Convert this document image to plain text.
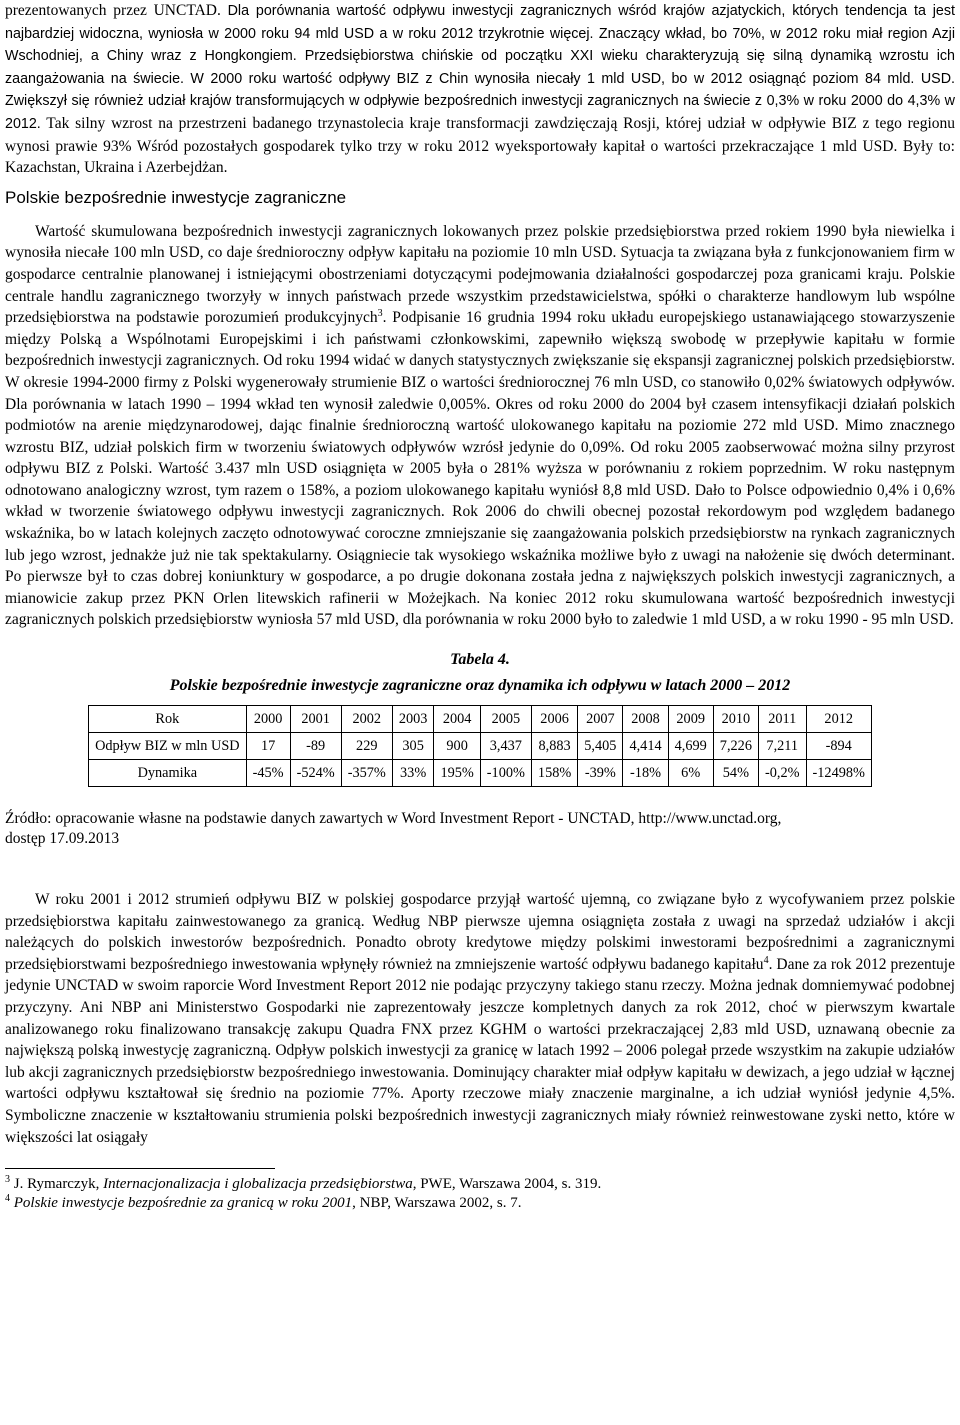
prezentowanych przez UNCTAD. Dla porównania wartość odpływu inwestycji zagranicznych wśród krajów azjatyckich, których tendencja ta jest najbardziej widoczna, wyniosła w 2000 roku 94 mld USD a w roku 2012 trzykrotnie więcej. Znaczący wkład, bo 70%, w 2012 roku miał region Azji Wschodniej, a Chiny wraz z Hongkongiem. Przedsiębiorstwa chińskie od początku XXI wieku charakteryzują się silną dynamiką wzrostu ich zaangażowania na świecie. W 2000 roku wartość odpływy BIZ z Chin wynosiła niecały 1 mld USD, bo w 2012 osiągnąć poziom 84 mld. USD. Zwiększył się również udział krajów transformujących w odpływie bezpośrednich inwestycji zagranicznych na świecie z 0,3% w roku 2000 do 4,3% w 2012. Tak silny wzrost na przestrzeni badanego trzynastolecia kraje transformacji zawdzięczają Rosji, której udział w odpływie BIZ z tego regionu wynosi prawie 93% Wśród pozostałych gospodarek tylko trzy w roku 2012 wyeksportowały kapitał o wartości przekraczające 1 mld USD. Były to: Kazachstan, Ukraina i Azerbejdżan.

Polskie bezpośrednie inwestycje zagraniczne

Wartość skumulowana bezpośrednich inwestycji zagranicznych lokowanych przez polskie przedsiębiorstwa przed rokiem 1990 była niewielka i wynosiła niecałe 100 mln USD, co daje średnioroczny odpływ kapitału na poziomie 10 mln USD. Sytuacja ta związana była z funkcjonowaniem firm w gospodarce centralnie planowanej i istniejącymi obostrzeniami dotyczącymi podejmowania działalności gospodarczej poza granicami kraju. Polskie centrale handlu zagranicznego tworzyły w innych państwach przede wszystkim przedstawicielstwa, spółki o charakterze handlowym lub wspólne przedsiębiorstwa na podstawie porozumień produkcyjnych$^3$. Podpisanie 16 grudnia 1994 roku układu europejskiego ustanawiającego stowarzyszenie między Polską a Wspólnotami Europejskimi i ich państwami członkowskimi, zapewniło większą swobodę w przepływie kapitału w formie bezpośrednich inwestycji zagranicznych. Od roku 1994 widać w danych statystycznych zwiększanie się ekspansji zagranicznej polskich przedsiębiorstw. W okresie 1994-2000 firmy z Polski wygenerowały strumienie BIZ o wartości średniorocznej 76 mln USD, co stanowiło 0,02% światowych odpływów. Dla porównania w latach 1990 – 1994 wkład ten wynosił zaledwie 0,005%. Okres od roku 2000 do 2004 był czasem intensyfikacji działań polskich podmiotów na arenie międzynarodowej, dając finalnie średnioroczną wartość ulokowanego kapitału na poziomie 272 mld USD. Mimo znacznego wzrostu BIZ, udział polskich firm w tworzeniu światowych odpływów wzrósł jedynie do 0,09%. Od roku 2005 zaobserwować można silny przyrost odpływu BIZ z Polski. Wartość 3.437 mln USD osiągnięta w 2005 była o 281% wyższa w porównaniu z rokiem poprzednim. W roku następnym odnotowano analogiczny wzrost, tym razem o 158%, a poziom ulokowanego kapitału wyniósł 8,8 mld USD. Dało to Polsce odpowiednio 0,4% i 0,6% wkład w tworzenie światowego odpływu inwestycji zagranicznych. Rok 2006 do chwili obecnej pozostał rekordowym pod względem badanego wskaźnika, bo w latach kolejnych zaczęto odnotowywać coroczne zmniejszanie się zaangażowania polskich przedsiębiorstw na rynkach zagranicznych lub jego wzrost, jednakże już nie tak spektakularny. Osiągniecie tak wysokiego wskaźnika możliwe było z uwagi na nałożenie się dwóch determinant. Po pierwsze był to czas dobrej koniunktury w gospodarce, a po drugie dokonana została jedna z największych polskich inwestycji zagranicznych, a mianowicie zakup przez PKN Orlen litewskich rafinerii w Możejkach. Na koniec 2012 roku skumulowana wartość bezpośrednich inwestycji zagranicznych polskich przedsiębiorstw wyniosła 57 mld USD, dla porównania w roku 2000 było to zaledwie 1 mld USD, a w roku 1990 - 95 mln USD.

Tabela 4.

Polskie bezpośrednie inwestycje zagraniczne oraz dynamika ich odpływu w latach 2000 – 2012

Rok	2000	2001	2002	2003	2004	2005	2006	2007	2008	2009	2010	2011	2012
Odpływ BIZ w mln USD	17	-89	229	305	900	3,437	8,883	5,405	4,414	4,699	7,226	7,211	-894
Dynamika	-45%	-524%	-357%	33%	195%	-100%	158%	-39%	-18%	6%	54%	-0,2%	-12498%

Źródło: opracowanie własne na podstawie danych zawartych w Word Investment Report - UNCTAD, http://www.unctad.org, dostęp 17.09.2013

W roku 2001 i 2012 strumień odpływu BIZ w polskiej gospodarce przyjął wartość ujemną, co związane było z wycofywaniem przez polskie przedsiębiorstwa kapitału zainwestowanego za granicą. Według NBP pierwsze ujemna osiągnięta została z uwagi na sprzedaż udziałów i akcji należących do polskich inwestorów bezpośrednich. Ponadto obroty kredytowe między polskimi inwestorami bezpośrednimi a zagranicznymi przedsiębiorstwami bezpośredniego inwestowania wpłynęły również na zmniejszenie wartość odpływu badanego kapitału$^4$. Dane za rok 2012 prezentuje jedynie UNCTAD w swoim raporcie Word Investment Report 2012 nie podając przyczyny takiego stanu rzeczy. Można jednak domniemywać podobnej przyczyny. Ani NBP ani Ministerstwo Gospodarki nie zaprezentowały jeszcze kompletnych danych za rok 2012, choć w pierwszym kwartale analizowanego roku finalizowano transakcję zakupu Quadra FNX przez KGHM o wartości przekraczającej 2,83 mld USD, uznawaną obecnie za największą polską inwestycję zagraniczną. Odpływ polskich inwestycji za granicę w latach 1992 – 2006 polegał przede wszystkim na zakupie udziałów lub akcji zagranicznych przedsiębiorstw bezpośredniego inwestowania. Dominujący charakter miał odpływ kapitału w dewizach, a jego udział w łącznej wartości odpływu kształtował się średnio na poziomie 77%. Aporty rzeczowe miały znaczenie marginalne, a ich udział wyniósł jedynie 4,5%. Symboliczne znaczenie w kształtowaniu strumienia polski bezpośrednich inwestycji zagranicznych miały również reinwestowane zyski netto, które w większości lat osiągały

$^3$ J. Rymarczyk, Internacjonalizacja i globalizacja przedsiębiorstwa, PWE, Warszawa 2004, s. 319.

$^4$ Polskie inwestycje bezpośrednie za granicą w roku 2001, NBP, Warszawa 2002, s. 7.
